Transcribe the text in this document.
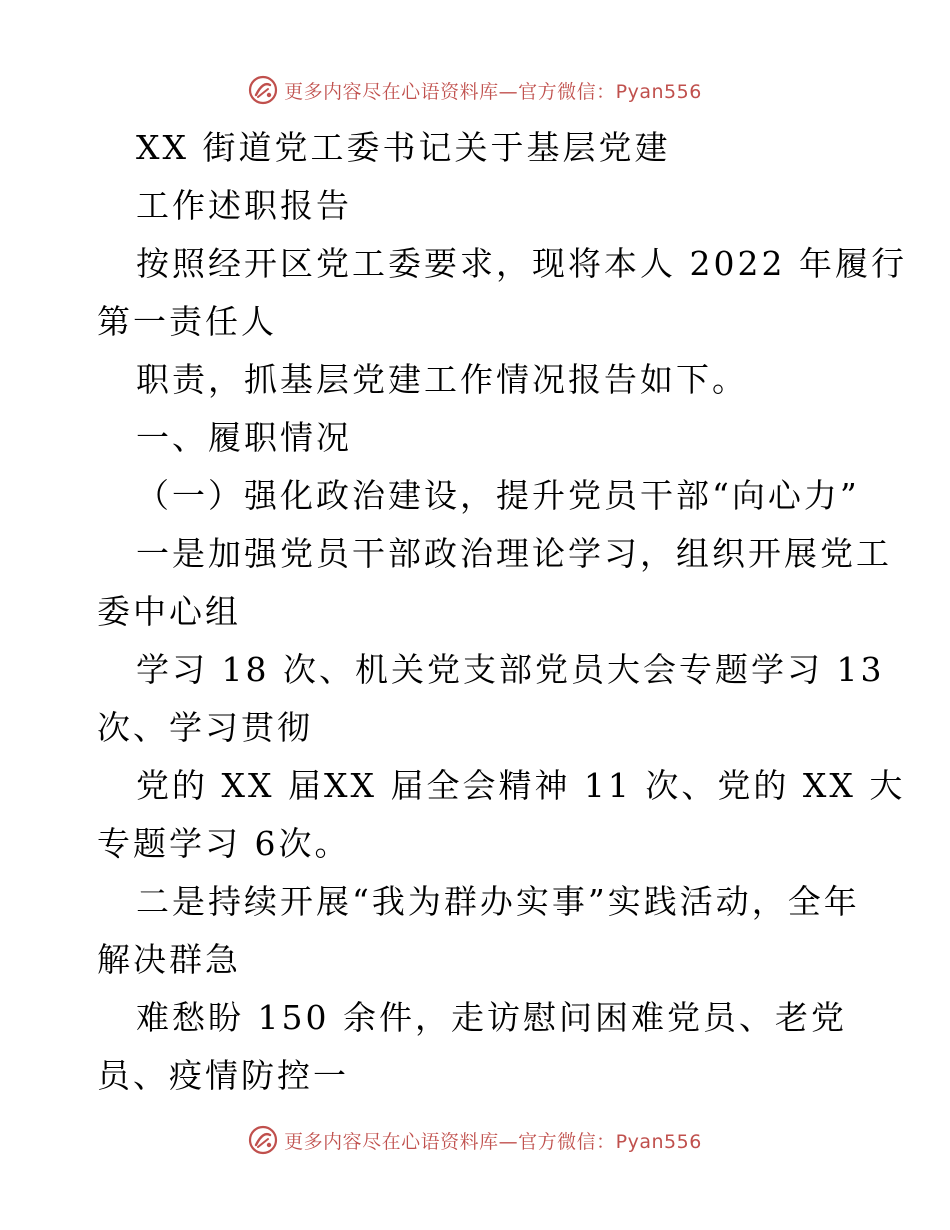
更多内容尽在心语资料库—官方微信：Pyan556
XX 街道党工委书记关于基层党建
工作述职报告
按照经开区党工委要求，现将本人 2022 年履行
第一责任人
职责，抓基层党建工作情况报告如下。
一、履职情况
（一）强化政治建设，提升党员干部“向心力”
一是加强党员干部政治理论学习，组织开展党工
委中心组
学习 18 次、机关党支部党员大会专题学习 13
次、学习贯彻
党的 XX 届XX 届全会精神 11 次、党的 XX 大
专题学习 6次。
二是持续开展“我为群办实事”实践活动，全年
解决群急
难愁盼 150 余件，走访慰问困难党员、老党
员、疫情防控一
更多内容尽在心语资料库—官方微信：Pyan556
